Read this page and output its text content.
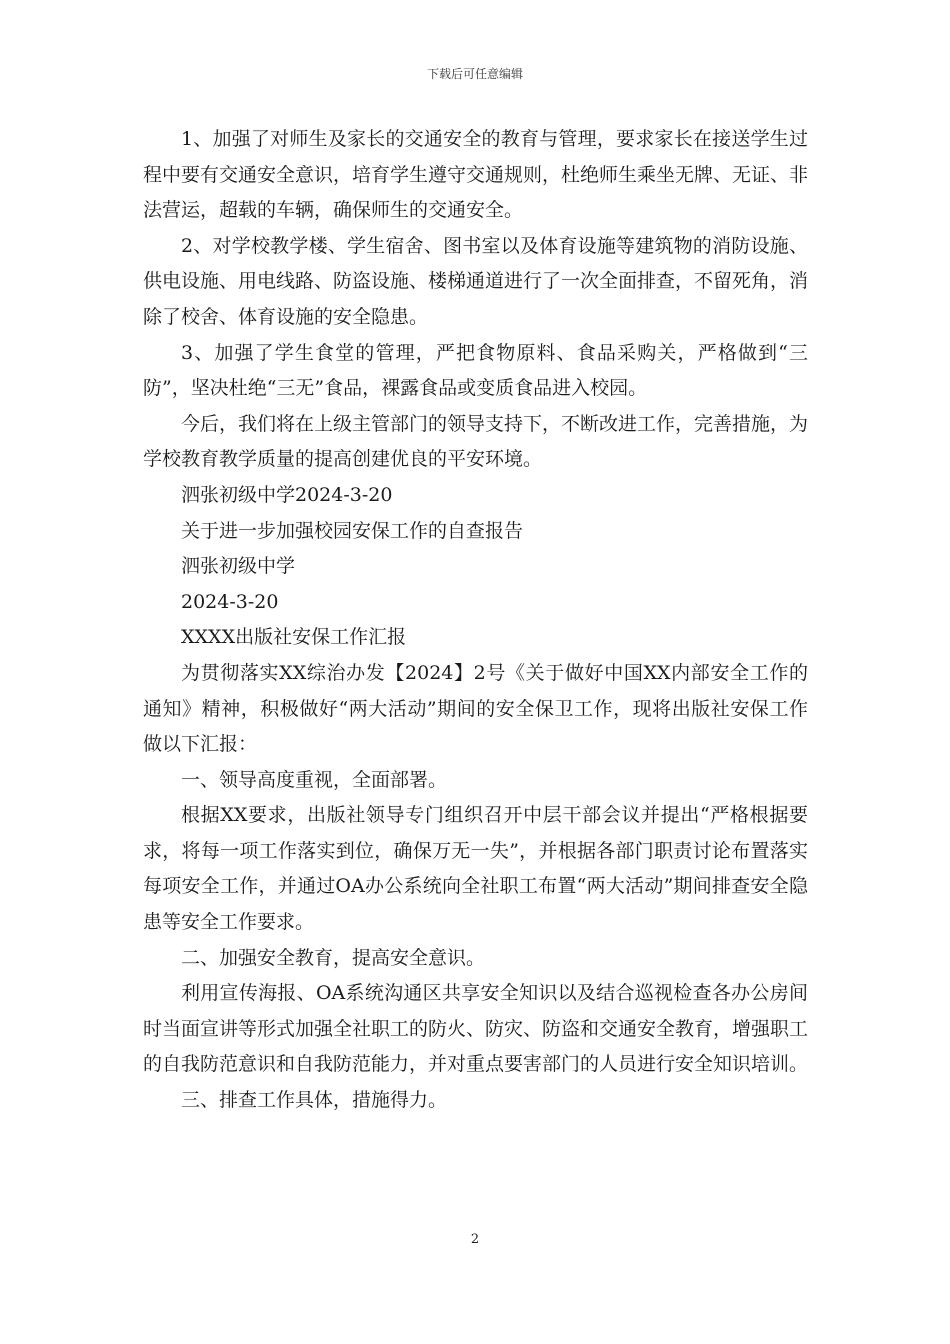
下载后可任意编辑

1、加强了对师生及家长的交通安全的教育与管理，要求家长在接送学生过程中要有交通安全意识，培育学生遵守交通规则，杜绝师生乘坐无牌、无证、非法营运，超载的车辆，确保师生的交通安全。

2、对学校教学楼、学生宿舍、图书室以及体育设施等建筑物的消防设施、供电设施、用电线路、防盗设施、楼梯通道进行了一次全面排查，不留死角，消除了校舍、体育设施的安全隐患。

3、加强了学生食堂的管理，严把食物原料、食品采购关，严格做到“三防”，坚决杜绝“三无”食品，裸露食品或变质食品进入校园。

今后，我们将在上级主管部门的领导支持下，不断改进工作，完善措施，为学校教育教学质量的提高创建优良的平安环境。

泗张初级中学2024-3-20

关于进一步加强校园安保工作的自查报告

泗张初级中学

2024-3-20

XXXX出版社安保工作汇报

为贯彻落实XX综治办发【2024】2号《关于做好中国XX内部安全工作的通知》精神，积极做好“两大活动”期间的安全保卫工作，现将出版社安保工作做以下汇报：

一、领导高度重视，全面部署。

根据XX要求，出版社领导专门组织召开中层干部会议并提出“严格根据要求，将每一项工作落实到位，确保万无一失”，并根据各部门职责讨论布置落实每项安全工作，并通过OA办公系统向全社职工布置“两大活动”期间排查安全隐患等安全工作要求。

二、加强安全教育，提高安全意识。

利用宣传海报、OA系统沟通区共享安全知识以及结合巡视检查各办公房间时当面宣讲等形式加强全社职工的防火、防灾、防盗和交通安全教育，增强职工的自我防范意识和自我防范能力，并对重点要害部门的人员进行安全知识培训。

三、排查工作具体，措施得力。

2
